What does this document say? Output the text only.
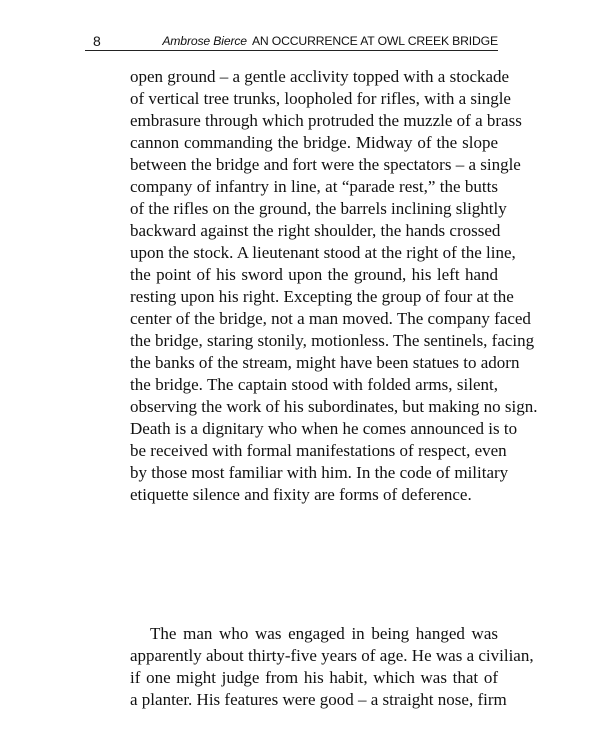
8	Ambrose Bierce AN OCCURRENCE AT OWL CREEK BRIDGE
open ground – a gentle acclivity topped with a stockade
of vertical tree trunks, loopholed for rifles, with a single
embrasure through which protruded the muzzle of a brass
cannon commanding the bridge. Midway of the slope
between the bridge and fort were the spectators – a single
company of infantry in line, at “parade rest,” the butts
of the rifles on the ground, the barrels inclining slightly
backward against the right shoulder, the hands crossed
upon the stock. A lieutenant stood at the right of the line,
the point of his sword upon the ground, his left hand
resting upon his right. Excepting the group of four at the
center of the bridge, not a man moved. The company faced
the bridge, staring stonily, motionless. The sentinels, facing
the banks of the stream, might have been statues to adorn
the bridge. The captain stood with folded arms, silent,
observing the work of his subordinates, but making no sign.
Death is a dignitary who when he comes announced is to
be received with formal manifestations of respect, even
by those most familiar with him. In the code of military
etiquette silence and fixity are forms of deference.
The man who was engaged in being hanged was
apparently about thirty-five years of age. He was a civilian,
if one might judge from his habit, which was that of
a planter. His features were good – a straight nose, firm
